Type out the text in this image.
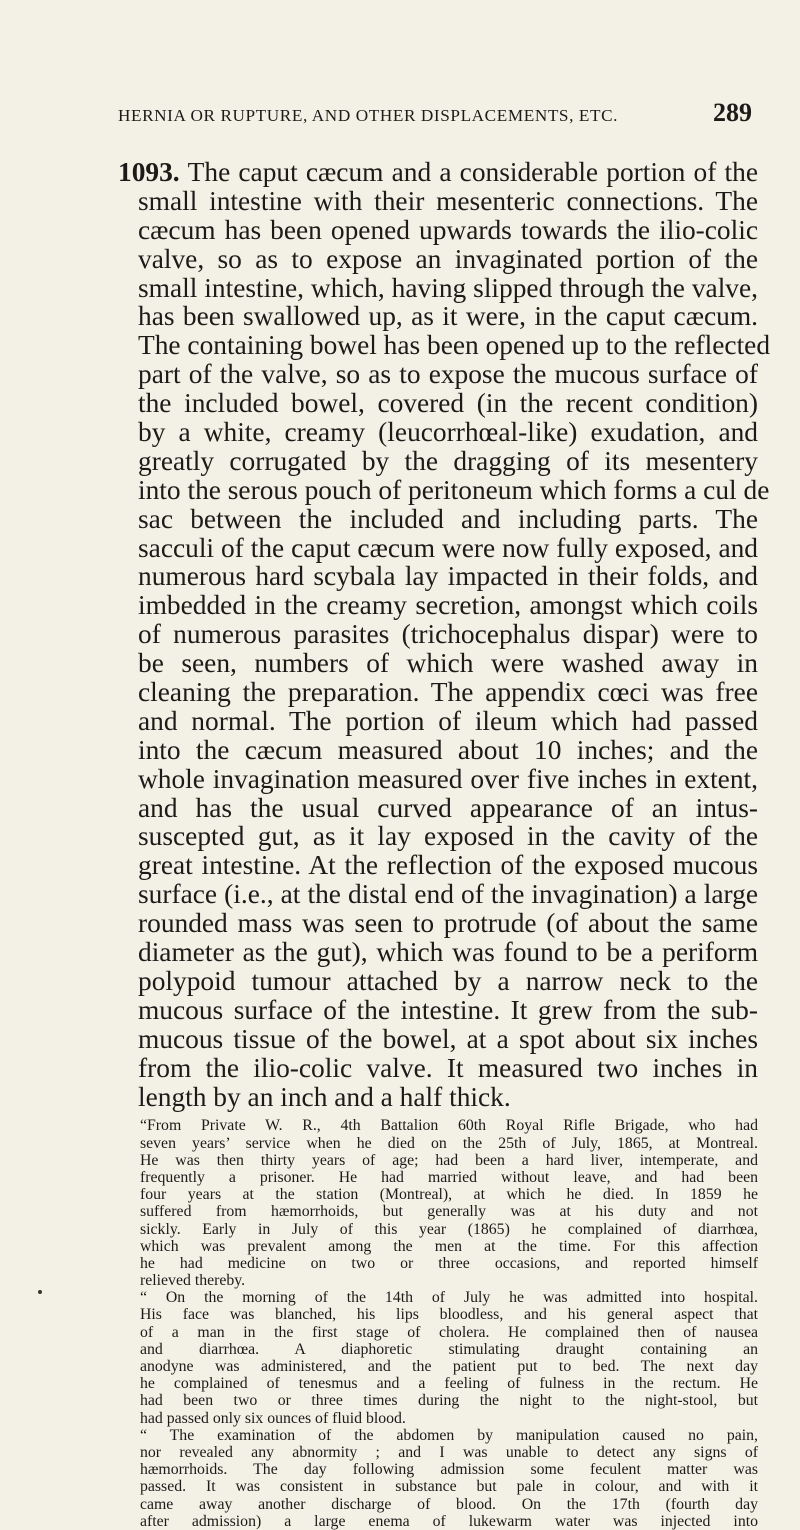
HERNIA OR RUPTURE, AND OTHER DISPLACEMENTS, ETC.	289
1093. The caput cæcum and a considerable portion of the
small intestine with their mesenteric connections. The
cæcum has been opened upwards towards the ilio-colic
valve, so as to expose an invaginated portion of the
small intestine, which, having slipped through the valve,
has been swallowed up, as it were, in the caput cæcum.
The containing bowel has been opened up to the reflected
part of the valve, so as to expose the mucous surface of
the included bowel, covered (in the recent condition)
by a white, creamy (leucorrhœal-like) exudation, and
greatly corrugated by the dragging of its mesentery
into the serous pouch of peritoneum which forms a cul de
sac between the included and including parts. The
sacculi of the caput cæcum were now fully exposed, and
numerous hard scybala lay impacted in their folds, and
imbedded in the creamy secretion, amongst which coils
of numerous parasites (trichocephalus dispar) were to
be seen, numbers of which were washed away in
cleaning the preparation. The appendix cœci was free
and normal. The portion of ileum which had passed
into the cæcum measured about 10 inches; and the
whole invagination measured over five inches in extent,
and has the usual curved appearance of an intus-
suscepted gut, as it lay exposed in the cavity of the
great intestine. At the reflection of the exposed mucous
surface (i.e., at the distal end of the invagination) a large
rounded mass was seen to protrude (of about the same
diameter as the gut), which was found to be a periform
polypoid tumour attached by a narrow neck to the
mucous surface of the intestine. It grew from the sub-
mucous tissue of the bowel, at a spot about six inches
from the ilio-colic valve. It measured two inches in
length by an inch and a half thick.
“From Private W. R., 4th Battalion 60th Royal Rifle Brigade, who had
seven years’ service when he died on the 25th of July, 1865, at Montreal.
He was then thirty years of age; had been a hard liver, intemperate, and
frequently a prisoner. He had married without leave, and had been
four years at the station (Montreal), at which he died. In 1859 he
suffered from hæmorrhoids, but generally was at his duty and not
sickly. Early in July of this year (1865) he complained of diarrhœa,
which was prevalent among the men at the time. For this affection
he had medicine on two or three occasions, and reported himself
relieved thereby.
“ On the morning of the 14th of July he was admitted into hospital.
His face was blanched, his lips bloodless, and his general aspect that
of a man in the first stage of cholera. He complained then of nausea
and diarrhœa. A diaphoretic stimulating draught containing an
anodyne was administered, and the patient put to bed. The next day
he complained of tenesmus and a feeling of fulness in the rectum. He
had been two or three times during the night to the night-stool, but
had passed only six ounces of fluid blood.
“ The examination of the abdomen by manipulation caused no pain,
nor revealed any abnormity ; and I was unable to detect any signs of
hæmorrhoids. The day following admission some feculent matter was
passed. It was consistent in substance but pale in colour, and with it
came away another discharge of blood. On the 17th (fourth day
after admission) a large enema of lukewarm water was injected into
